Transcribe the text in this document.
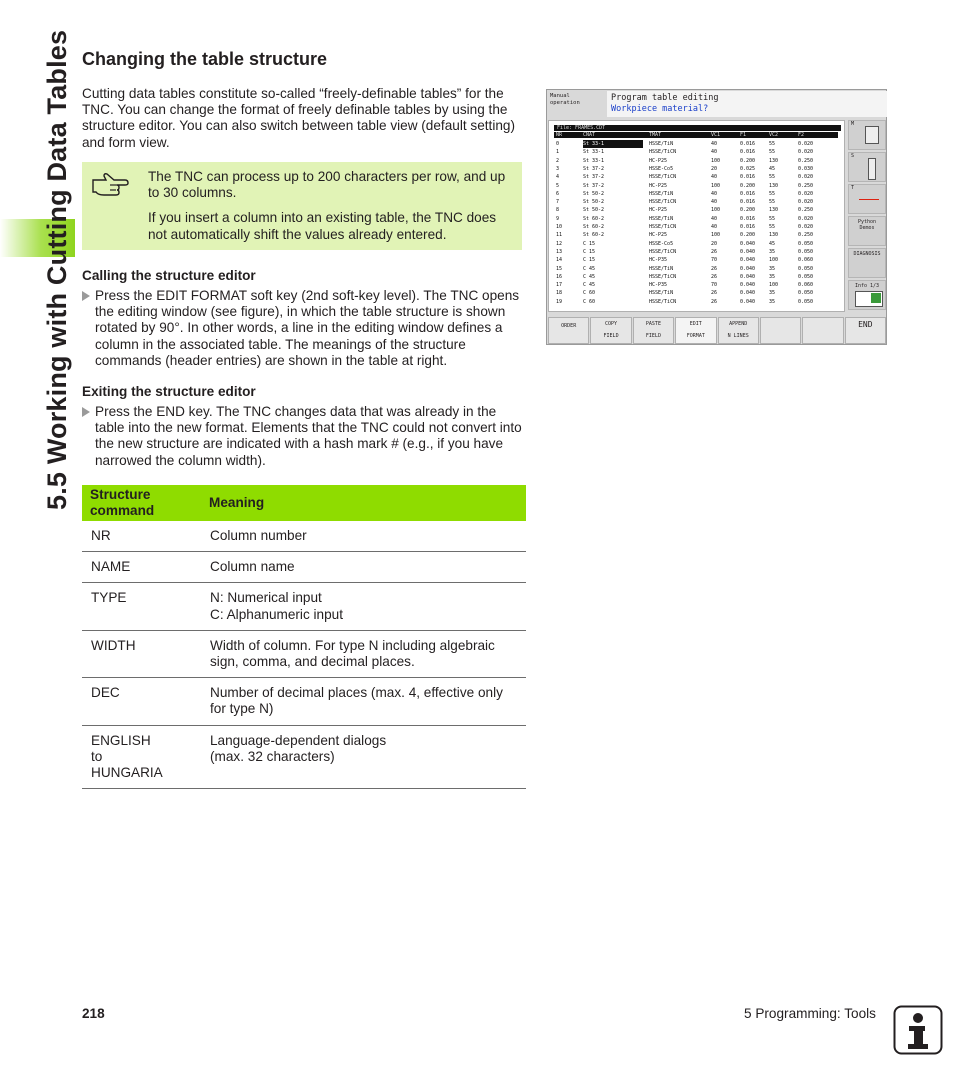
5.5 Working with Cutting Data Tables Changing the table structure
Cutting data tables constitute so-called “freely-definable tables” for the TNC. You can change the format of freely definable tables by using the structure editor. You can also switch between table view (default setting) and form view.

The TNC can process up to 200 characters per row, and up to 30 columns.

If you insert a column into an existing table, the TNC does not automatically shift the values already entered.

Calling the structure editor
Press the EDIT FORMAT soft key (2nd soft-key level). The TNC opens the editing window (see figure), in which the table structure is shown rotated by 90°. In other words, a line in the editing window defines a column in the associated table. The meanings of the structure commands (header entries) are shown in the table at right.
Exiting the structure editor
Press the END key. The TNC changes data that was already in the table into the new format. Elements that the TNC could not convert into the new structure are indicated with a hash mark # (e.g., if you have narrowed the column width).
Structure command	Meaning
NR	Column number
NAME	Column name
TYPE	N: Numerical input
C: Alphanumeric input
WIDTH	Width of column. For type N including algebraic sign, comma, and decimal places.
DEC	Number of decimal places (max. 4, effective only for type N)
ENGLISH
to
HUNGARIA	Language-dependent dialogs
(max. 32 characters)
Manual
operation	Program table editing
Workpiece material?
File: FRAMES.CDT
NR	CNAT	TMAT	VC1	F1	VC2	F2
0	St 33-1	HSSE/TiN	40	0.016	55	0.020
1	St 33-1	HSSE/TiCN	40	0.016	55	0.020
2	St 33-1	HC-P25	100	0.200	130	0.250
3	St 37-2	HSSE-Co5	20	0.025	45	0.030
4	St 37-2	HSSE/TiCN	40	0.016	55	0.020
5	St 37-2	HC-P25	100	0.200	130	0.250
6	St 50-2	HSSE/TiN	40	0.016	55	0.020
7	St 50-2	HSSE/TiCN	40	0.016	55	0.020
8	St 50-2	HC-P25	100	0.200	130	0.250
9	St 60-2	HSSE/TiN	40	0.016	55	0.020
10	St 60-2	HSSE/TiCN	40	0.016	55	0.020
11	St 60-2	HC-P25	100	0.200	130	0.250
12	C 15	HSSE-Co5	20	0.040	45	0.050
13	C 15	HSSE/TiCN	26	0.040	35	0.050
14	C 15	HC-P35	70	0.040	100	0.060
15	C 45	HSSE/TiN	26	0.040	35	0.050
16	C 45	HSSE/TiCN	26	0.040	35	0.050
17	C 45	HC-P35	70	0.040	100	0.060
18	C 60	HSSE/TiN	26	0.040	35	0.050
19	C 60	HSSE/TiCN	26	0.040	35	0.050
M
S
T
Python
Demos
DIAGNOSIS
Info 1/3
ORDER	COPY
FIELD
PASTE
FIELD
EDIT
FORMAT
APPEND
N LINES
END
218	5 Programming: Tools
